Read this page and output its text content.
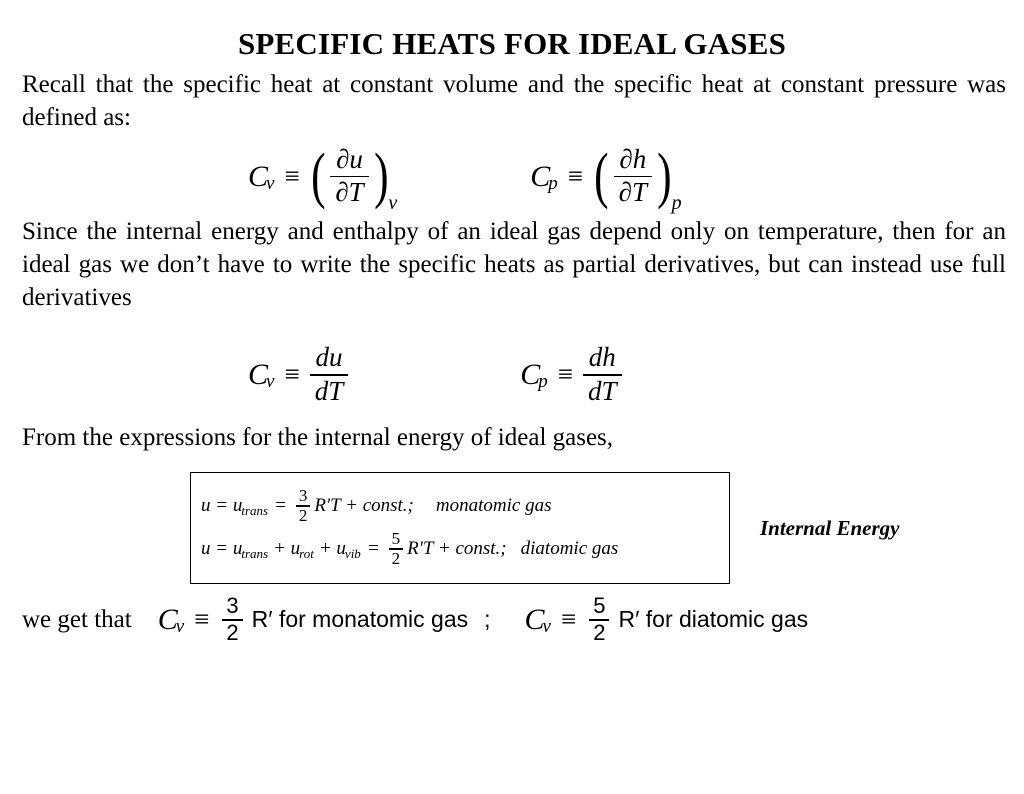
SPECIFIC HEATS FOR IDEAL GASES
Recall that the specific heat at constant volume and the specific heat at constant pressure was defined as:
C
v ≡ ( $\frac{\partial u}{\partial T}$ ) v
C
p ≡ ( $\frac{\partial h}{\partial T}$ ) p
Since the internal energy and enthalpy of an ideal gas depend only on temperature, then for an ideal gas we don’t have to write the specific heats as partial derivatives, but can instead use full derivatives
C
$v \equiv \frac{du}{dT}$	C
$p \equiv \frac{dh}{dT}$
From the expressions for the internal energy of ideal gases,
u = u trans = $\frac{3}{2} R'T$ + const.; monatomic gas
u = u trans + u rot + u vib = $\frac{5}{2} R'T$ + const.; diatomic gas
Internal Energy
we get that C
$v \equiv \frac{3}{2} R'$ for monatomic gas ; C
$v \equiv \frac{5}{2} R'$ for diatomic gas
